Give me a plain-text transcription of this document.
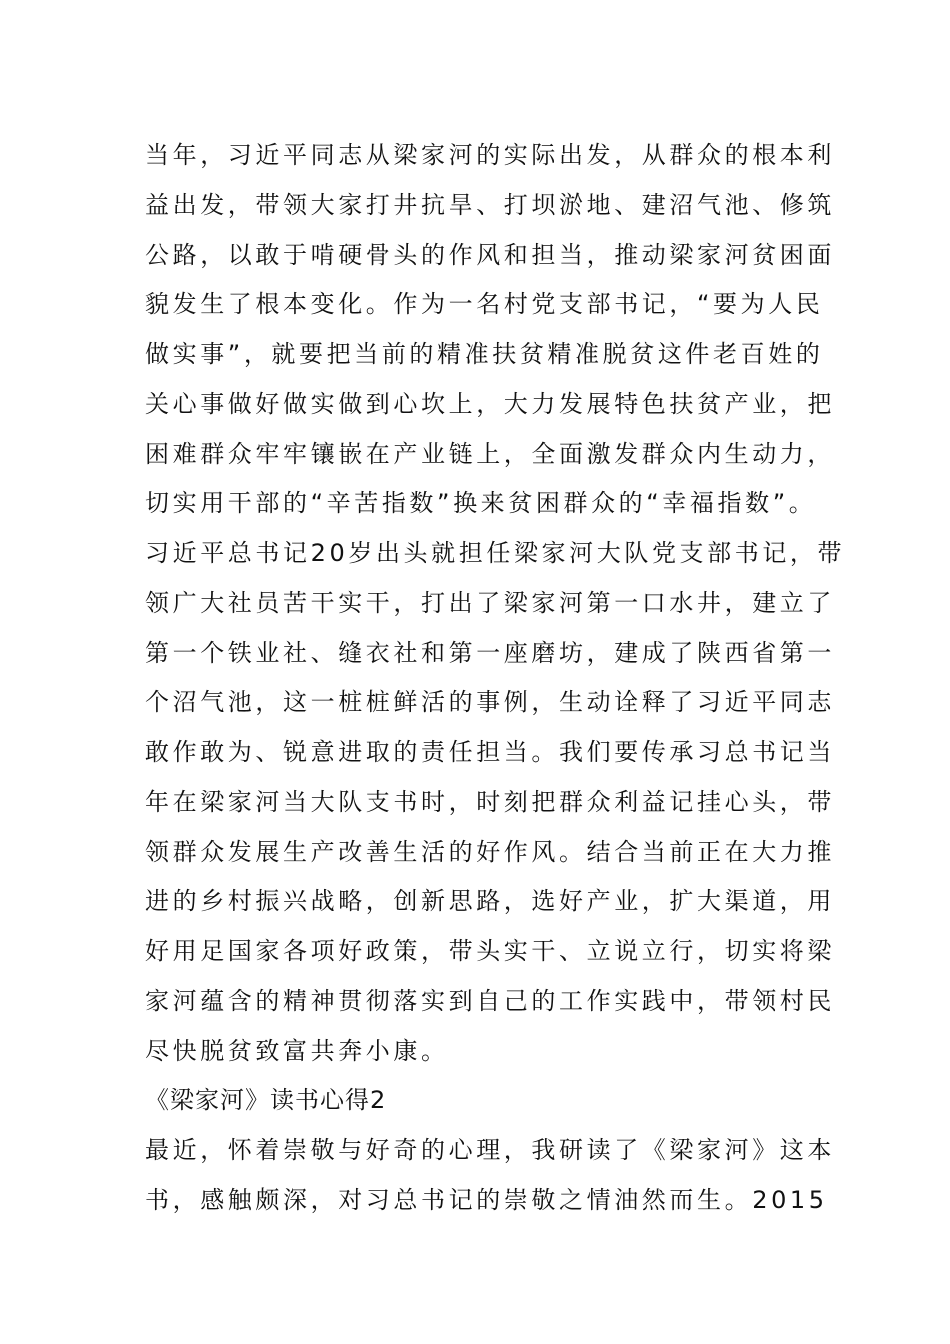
当年，习近平同志从梁家河的实际出发，从群众的根本利
益出发，带领大家打井抗旱、打坝淤地、建沼气池、修筑
公路，以敢于啃硬骨头的作风和担当，推动梁家河贫困面
貌发生了根本变化。作为一名村党支部书记，“要为人民
做实事”，就要把当前的精准扶贫精准脱贫这件老百姓的
关心事做好做实做到心坎上，大力发展特色扶贫产业，把
困难群众牢牢镶嵌在产业链上，全面激发群众内生动力，
切实用干部的“辛苦指数”换来贫困群众的“幸福指数”。
习近平总书记20岁出头就担任梁家河大队党支部书记，带
领广大社员苦干实干，打出了梁家河第一口水井，建立了
第一个铁业社、缝衣社和第一座磨坊，建成了陕西省第一
个沼气池，这一桩桩鲜活的事例，生动诠释了习近平同志
敢作敢为、锐意进取的责任担当。我们要传承习总书记当
年在梁家河当大队支书时，时刻把群众利益记挂心头，带
领群众发展生产改善生活的好作风。结合当前正在大力推
进的乡村振兴战略，创新思路，选好产业，扩大渠道，用
好用足国家各项好政策，带头实干、立说立行，切实将梁
家河蕴含的精神贯彻落实到自己的工作实践中，带领村民
尽快脱贫致富共奔小康。
《梁家河》读书心得2
最近，怀着崇敬与好奇的心理，我研读了《梁家河》这本
书，感触颇深，对习总书记的崇敬之情油然而生。2015
